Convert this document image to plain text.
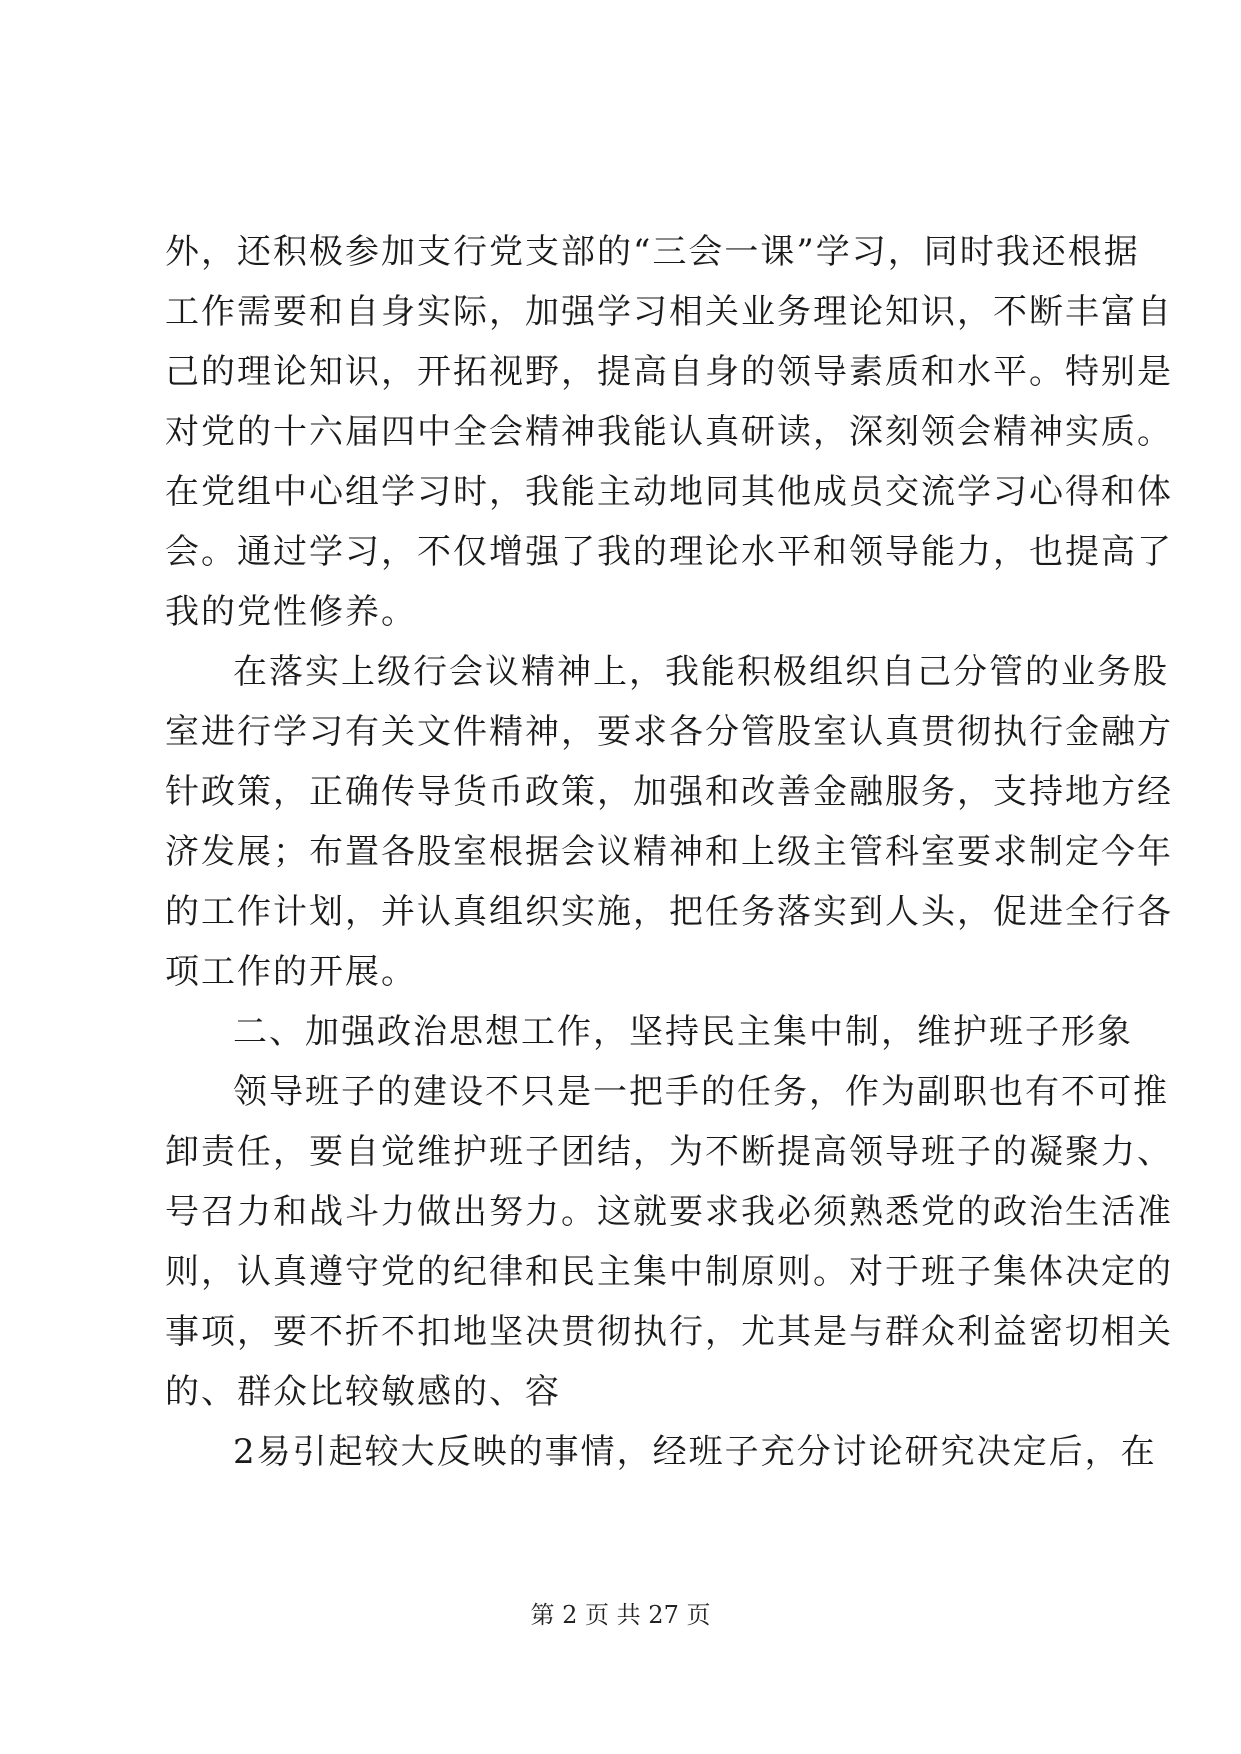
外，还积极参加支行党支部的“三会一课”学习，同时我还根据
工作需要和自身实际，加强学习相关业务理论知识，不断丰富自
己的理论知识，开拓视野，提高自身的领导素质和水平。特别是
对党的十六届四中全会精神我能认真研读，深刻领会精神实质。
在党组中心组学习时，我能主动地同其他成员交流学习心得和体
会。通过学习，不仅增强了我的理论水平和领导能力，也提高了
我的党性修养。
在落实上级行会议精神上，我能积极组织自己分管的业务股
室进行学习有关文件精神，要求各分管股室认真贯彻执行金融方
针政策，正确传导货币政策，加强和改善金融服务，支持地方经
济发展；布置各股室根据会议精神和上级主管科室要求制定今年
的工作计划，并认真组织实施，把任务落实到人头，促进全行各
项工作的开展。
二、加强政治思想工作，坚持民主集中制，维护班子形象
领导班子的建设不只是一把手的任务，作为副职也有不可推
卸责任，要自觉维护班子团结，为不断提高领导班子的凝聚力、
号召力和战斗力做出努力。这就要求我必须熟悉党的政治生活准
则，认真遵守党的纪律和民主集中制原则。对于班子集体决定的
事项，要不折不扣地坚决贯彻执行，尤其是与群众利益密切相关
的、群众比较敏感的、容
2易引起较大反映的事情，经班子充分讨论研究决定后，在
第 2 页 共 27 页
